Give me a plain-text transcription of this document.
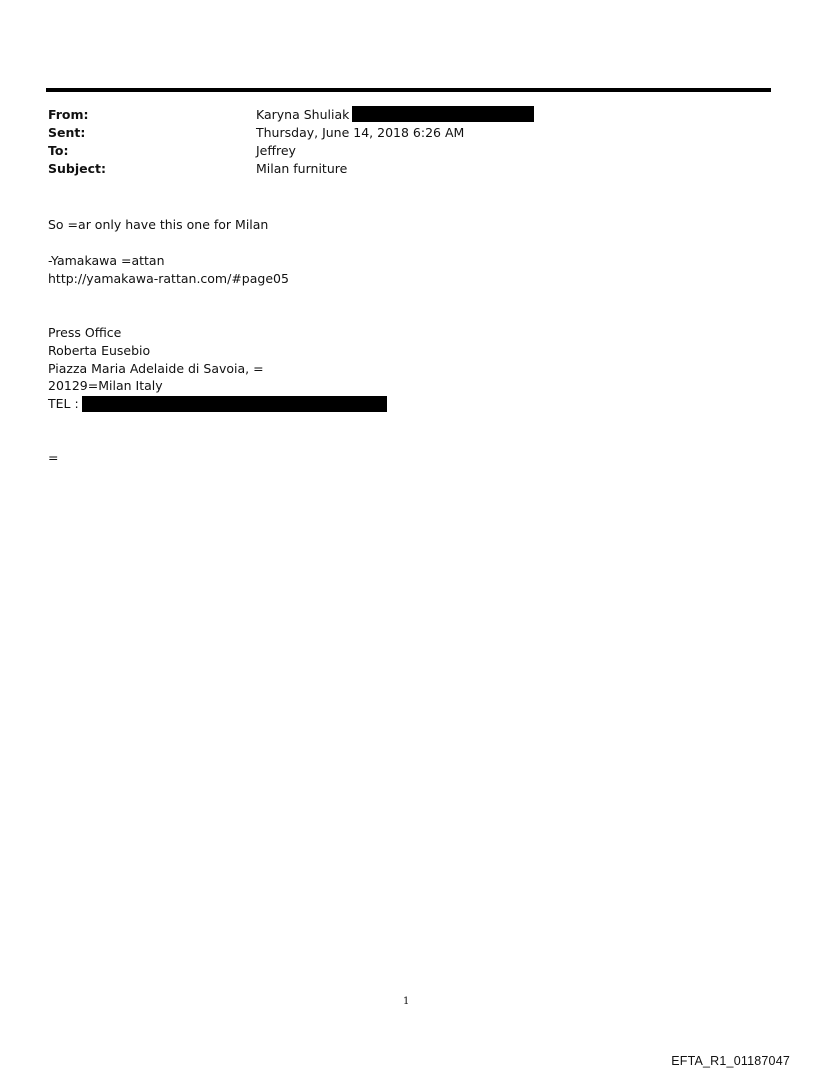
From:	Karyna Shuliak
Sent:	Thursday, June 14, 2018 6:26 AM
To:	Jeffrey
Subject:	Milan furniture
So =ar only have this one for Milan
-Yamakawa =attan
http://yamakawa-rattan.com/#page05
Press Office
Roberta Eusebio
Piazza Maria Adelaide di Savoia, =
20129=Milan Italy
TEL :
=
1
EFTA_R1_01187047
